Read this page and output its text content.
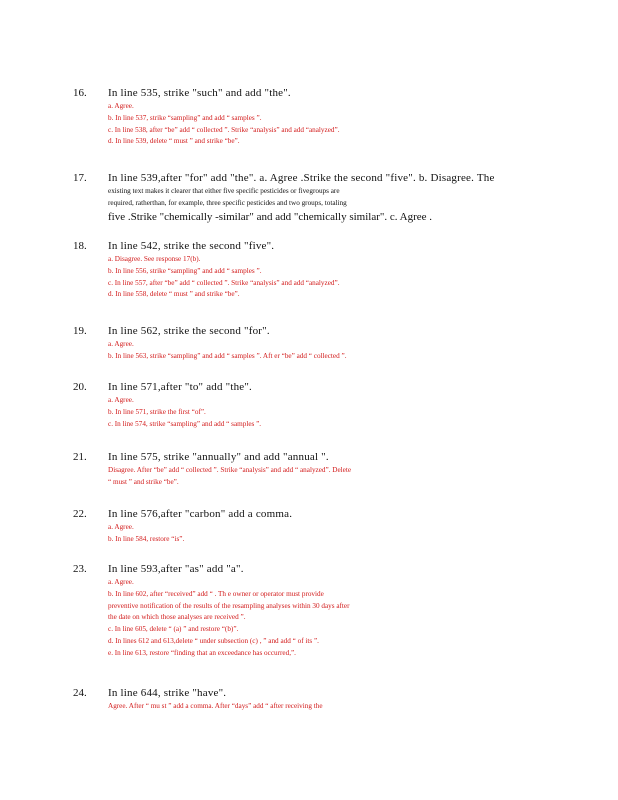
16. In line 535, strike "such" and add "the".
a. Agree.
b. In line 537, strike “sampling” and add “ samples ”.
c. In line 538, after “be” add “ collected ”. Strike “analysis” and add “analyzed”.
d. In line 539, delete “ must ” and strike “be”.
17. In line 539,after "for" add "the". a. Agree .Strike the second "five". b. Disagree. The
existing text makes it clearer that either five specific pesticides or fivegroups are
required, ratherthan, for example, three specific pesticides and two groups, totaling
five .Strike "chemically -similar" and add "chemically similar". c. Agree .
18. In line 542, strike the second "five".
a. Disagree. See response 17(b).
b. In line 556, strike “sampling” and add “ samples ”.
c. In line 557, after “be” add “ collected ”. Strike “analysis” and add “analyzed”.
d. In line 558, delete “ must ” and strike “be”.
19. In line 562, strike the second "for".
a. Agree.
b. In line 563, strike “sampling” and add “ samples ”. Aft er “be” add “ collected ”.
20. In line 571,after "to" add "the".
a. Agree.
b. In line 571, strike the first “of”.
c. In line 574, strike “sampling” and add “ samples ”.
21. In line 575, strike "annually" and add "annual ".
Disagree. After “be” add “ collected ”. Strike “analysis” and add “ analyzed”. Delete
“ must ” and strike “be”.
22. In line 576,after "carbon" add a comma.
a. Agree.
b. In line 584, restore “is”.
23. In line 593,after "as" add "a".
a. Agree.
b. In line 602, after “received” add “ . Th e owner or operator must provide
preventive notification of the results of the resampling analyses within 30 days after
the date on which those analyses are received ”.
c. In line 605, delete “ (a) ” and restore “(b)”.
d. In lines 612 and 613,delete “ under subsection (c) , ” and add “ of its ”.
e. In line 613, restore “finding that an exceedance has occurred,”.
24. In line 644, strike "have".
Agree. After “ mu st ” add a comma. After “days” add “ after receiving the
